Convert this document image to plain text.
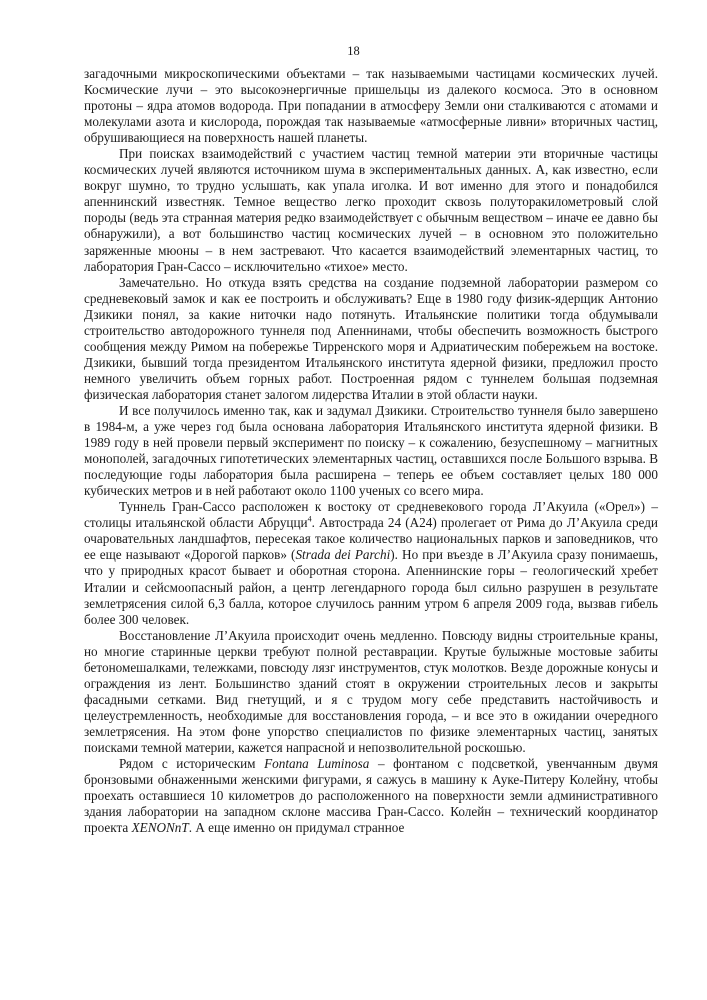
18

загадочными микроскопическими объектами – так называемыми частицами космических лучей. Космические лучи – это высокоэнергичные пришельцы из далекого космоса. Это в основном протоны – ядра атомов водорода. При попадании в атмосферу Земли они сталкиваются с атомами и молекулами азота и кислорода, порождая так называемые «атмосферные ливни» вторичных частиц, обрушивающиеся на поверхность нашей планеты.

При поисках взаимодействий с участием частиц темной материи эти вторичные частицы космических лучей являются источником шума в экспериментальных данных. А, как известно, если вокруг шумно, то трудно услышать, как упала иголка. И вот именно для этого и понадобился апеннинский известняк. Темное вещество легко проходит сквозь полуторакилометровый слой породы (ведь эта странная материя редко взаимодействует с обычным веществом – иначе ее давно бы обнаружили), а вот большинство частиц космических лучей – в основном это положительно заряженные мюоны – в нем застревают. Что касается взаимодействий элементарных частиц, то лаборатория Гран-Сассо – исключительно «тихое» место.

Замечательно. Но откуда взять средства на создание подземной лаборатории размером со средневековый замок и как ее построить и обслуживать? Еще в 1980 году физик-ядерщик Антонио Дзикики понял, за какие ниточки надо потянуть. Итальянские политики тогда обдумывали строительство автодорожного туннеля под Апеннинами, чтобы обеспечить возможность быстрого сообщения между Римом на побережье Тирренского моря и Адриатическим побережьем на востоке. Дзикики, бывший тогда президентом Итальянского института ядерной физики, предложил просто немного увеличить объем горных работ. Построенная рядом с туннелем большая подземная физическая лаборатория станет залогом лидерства Италии в этой области науки.

И все получилось именно так, как и задумал Дзикики. Строительство туннеля было завершено в 1984-м, а уже через год была основана лаборатория Итальянского института ядерной физики. В 1989 году в ней провели первый эксперимент по поиску – к сожалению, безуспешному – магнитных монополей, загадочных гипотетических элементарных частиц, оставшихся после Большого взрыва. В последующие годы лаборатория была расширена – теперь ее объем составляет целых 180 000 кубических метров и в ней работают около 1100 ученых со всего мира.

Туннель Гран-Сассо расположен к востоку от средневекового города Л’Акуила («Орел») – столицы итальянской области Абруцци$^4$. Автострада 24 (А24) пролегает от Рима до Л’Акуила среди очаровательных ландшафтов, пересекая такое количество национальных парков и заповедников, что ее еще называют «Дорогой парков» (Strada dei Parchi). Но при въезде в Л’Акуила сразу понимаешь, что у природных красот бывает и оборотная сторона. Апеннинские горы – геологический хребет Италии и сейсмоопасный район, а центр легендарного города был сильно разрушен в результате землетрясения силой 6,3 балла, которое случилось ранним утром 6 апреля 2009 года, вызвав гибель более 300 человек.

Восстановление Л’Акуила происходит очень медленно. Повсюду видны строительные краны, но многие старинные церкви требуют полной реставрации. Крутые булыжные мостовые забиты бетономешалками, тележками, повсюду лязг инструментов, стук молотков. Везде дорожные конусы и ограждения из лент. Большинство зданий стоят в окружении строительных лесов и закрыты фасадными сетками. Вид гнетущий, и я с трудом могу себе представить настойчивость и целеустремленность, необходимые для восстановления города, – и все это в ожидании очередного землетрясения. На этом фоне упорство специалистов по физике элементарных частиц, занятых поисками темной материи, кажется напрасной и непозволительной роскошью.

Рядом с историческим Fontana Luminosa – фонтаном с подсветкой, увенчанным двумя бронзовыми обнаженными женскими фигурами, я сажусь в машину к Ауке-Питеру Колейну, чтобы проехать оставшиеся 10 километров до расположенного на поверхности земли административного здания лаборатории на западном склоне массива Гран-Сассо. Колейн – технический координатор проекта XENONnT. А еще именно он придумал странное
